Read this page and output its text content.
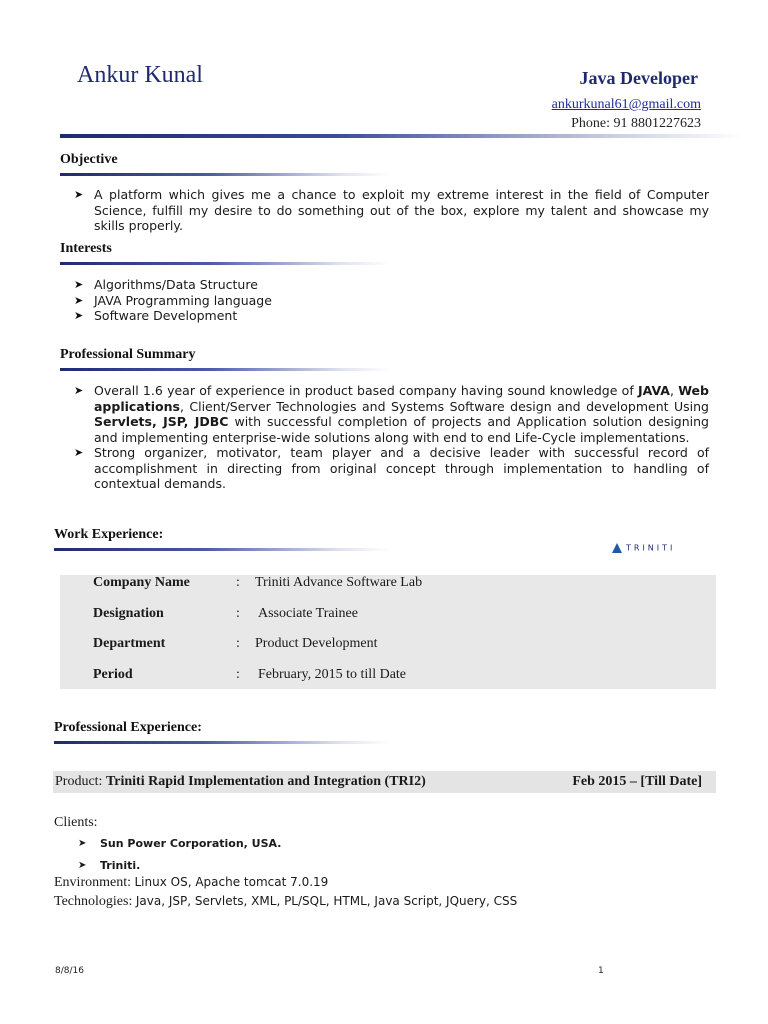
Ankur Kunal	Java Developer
ankurkunal61@gmail.com
Phone: 91 8801227623
Objective
➤ A platform which gives me a chance to exploit my extreme interest in the field of Computer Science, fulfill my desire to do something out of the box, explore my talent and showcase my skills properly.
Interests
➤ Algorithms/Data Structure
➤ JAVA Programming language
➤ Software Development
Professional Summary
➤ Overall 1.6 year of experience in product based company having sound knowledge of JAVA, Web applications, Client/Server Technologies and Systems Software design and development Using Servlets, JSP, JDBC with successful completion of projects and Application solution designing and implementing enterprise-wide solutions along with end to end Life-Cycle implementations.
➤ Strong organizer, motivator, team player and a decisive leader with successful record of accomplishment in directing from original concept through implementation to handling of contextual demands.
Work Experience:
TRINITI
Company Name	: Triniti Advance Software Lab
Designation	: Associate Trainee
Department	: Product Development
Period	: February, 2015 to till Date
Professional Experience:
Product: Triniti Rapid Implementation and Integration (TRI2)	Feb 2015 – [Till Date]
Clients:
➤ Sun Power Corporation, USA.
➤ Triniti.
Environment: Linux OS, Apache tomcat 7.0.19
Technologies: Java, JSP, Servlets, XML, PL/SQL, HTML, Java Script, JQuery, CSS
8/8/16	1
